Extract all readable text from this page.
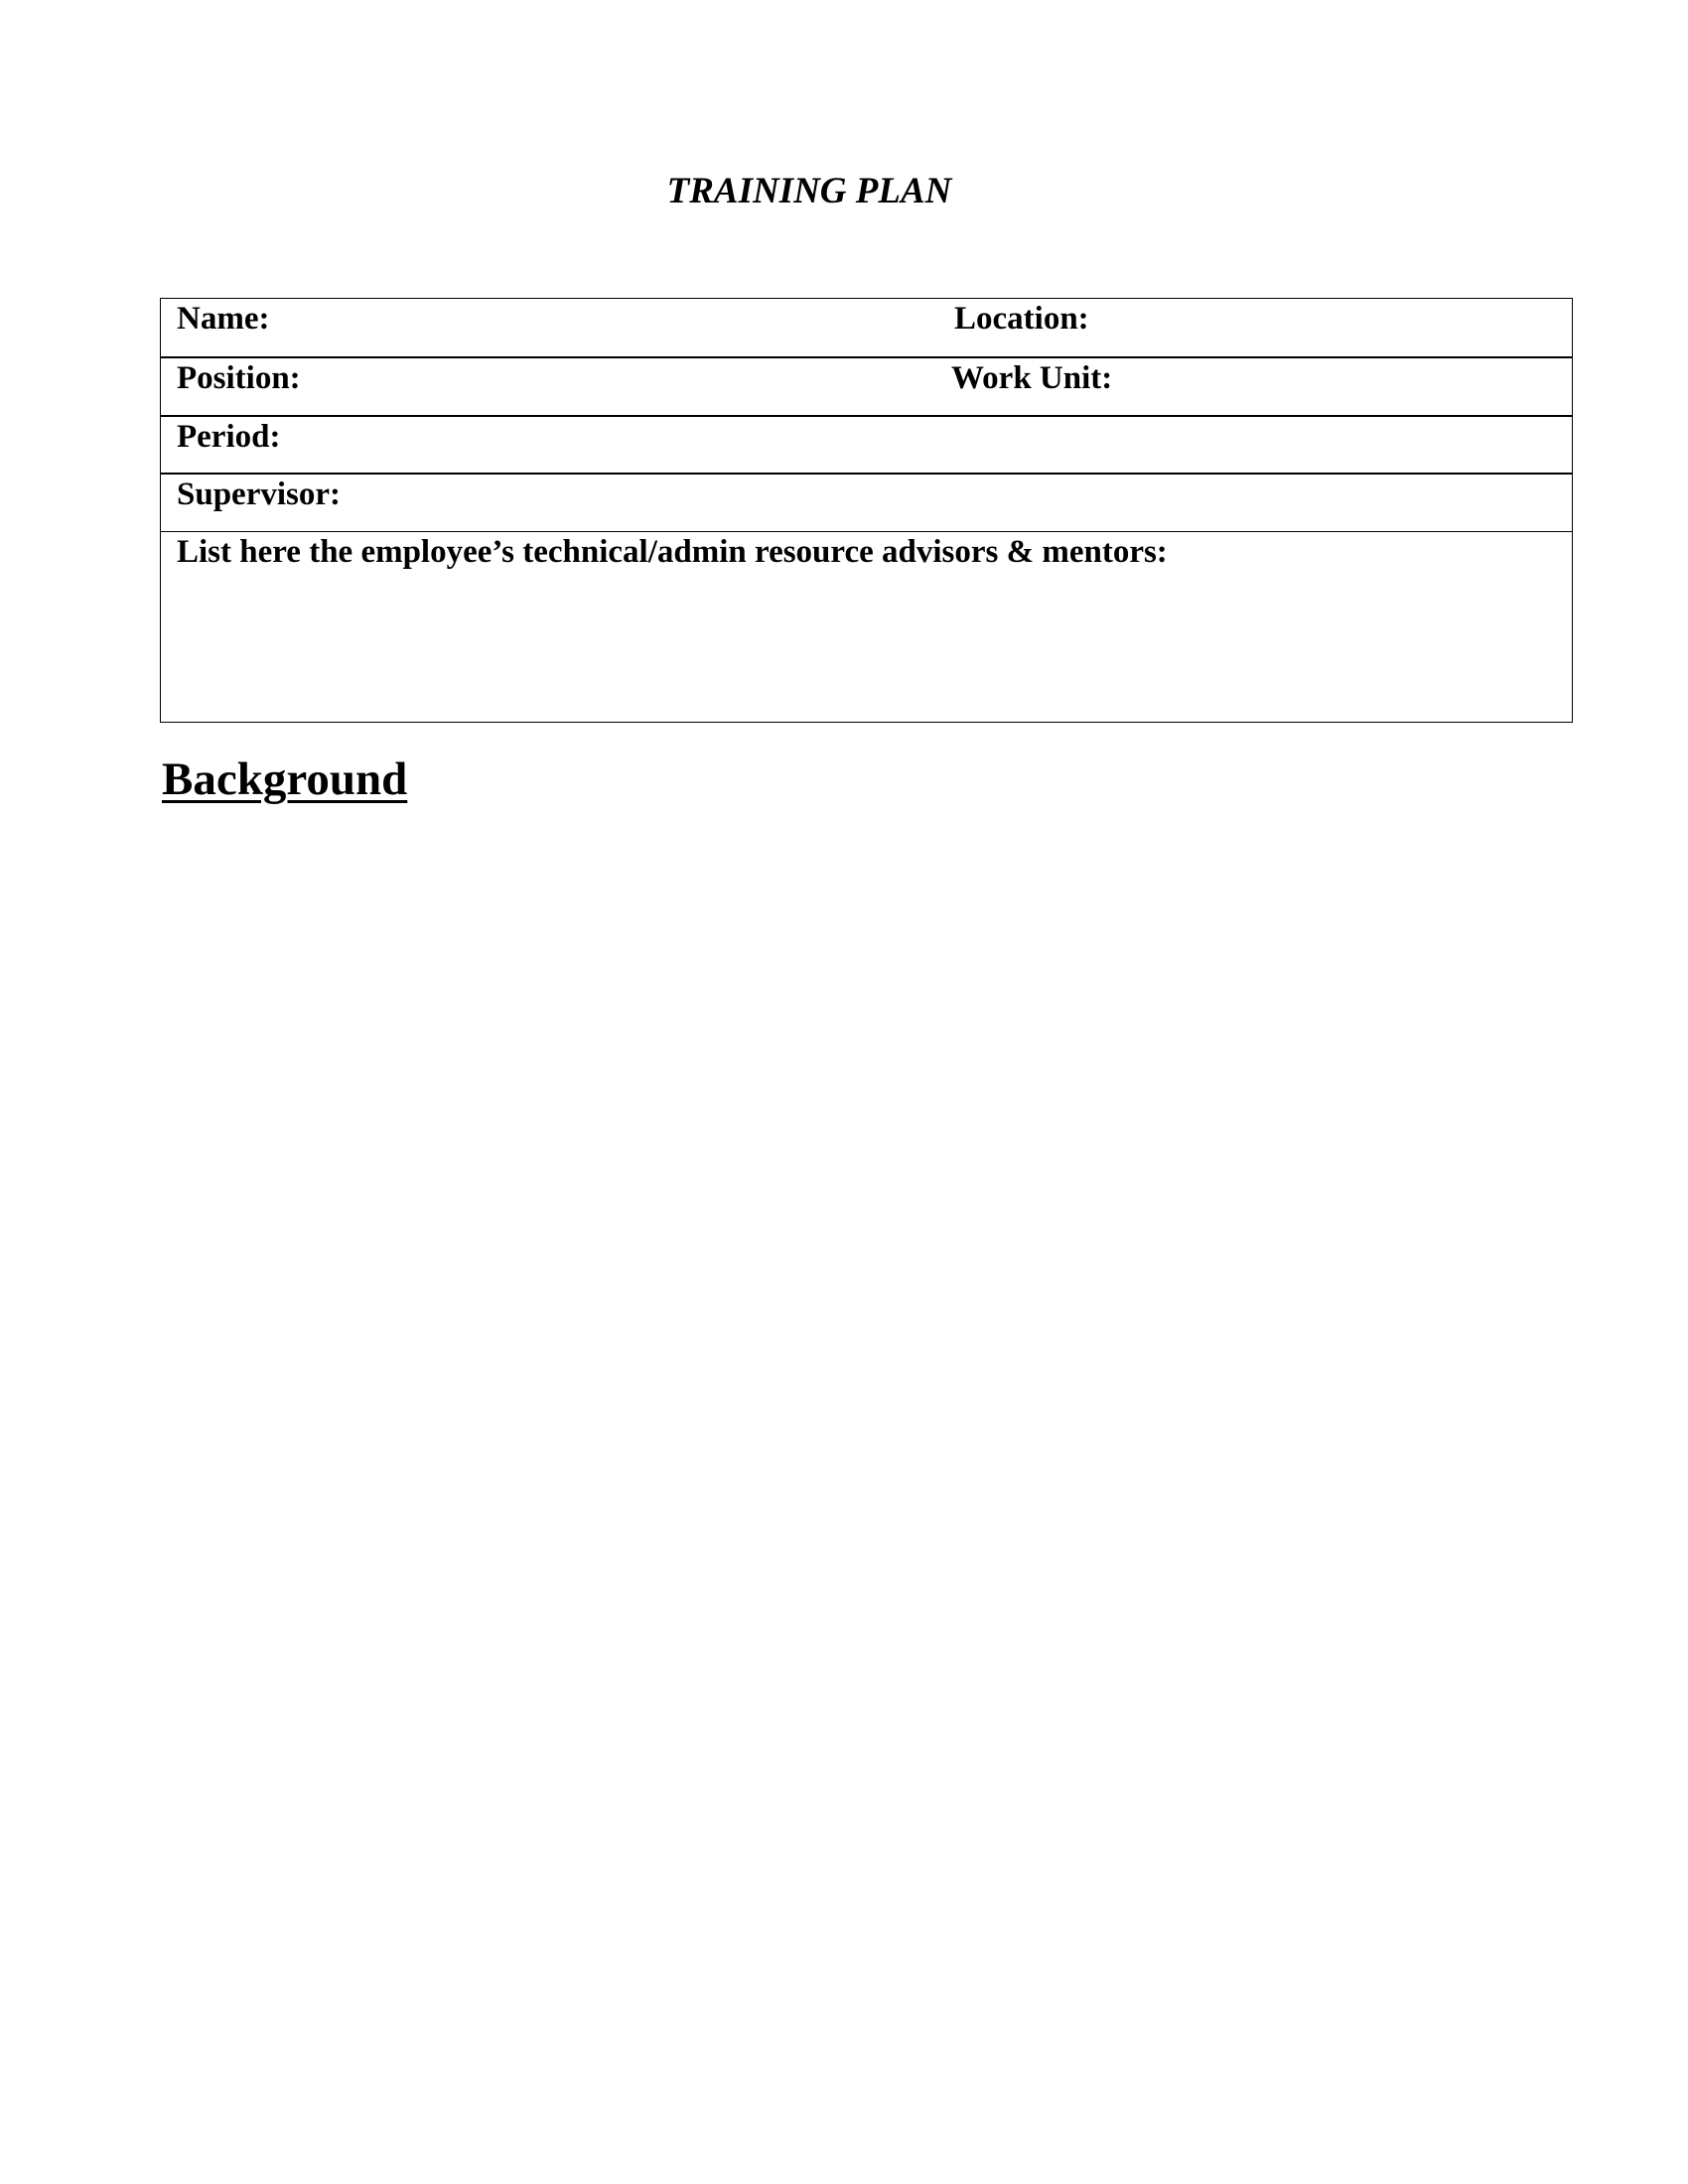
TRAINING PLAN
Name:	Location:
Position:	Work Unit:
Period:
Supervisor:
List here the employee’s technical/admin resource advisors & mentors:
Background
